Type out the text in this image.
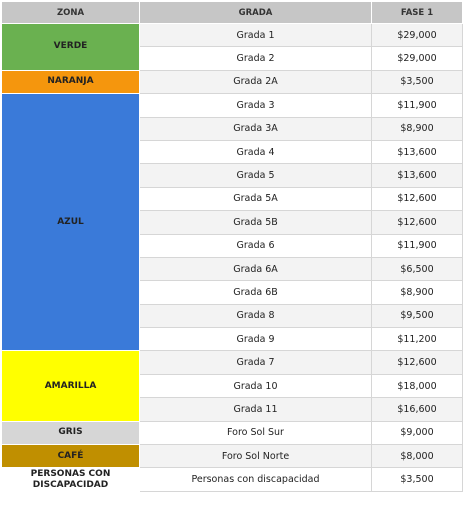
ZONA	GRADA	FASE 1
VERDE	Grada 1	$29,000
	Grada 2	$29,000
NARANJA	Grada 2A	$3,500
AZUL	Grada 3	$11,900
	Grada 3A	$8,900
	Grada 4	$13,600
	Grada 5	$13,600
	Grada 5A	$12,600
	Grada 5B	$12,600
	Grada 6	$11,900
	Grada 6A	$6,500
	Grada 6B	$8,900
	Grada 8	$9,500
	Grada 9	$11,200
AMARILLA	Grada 7	$12,600
	Grada 10	$18,000
	Grada 11	$16,600
GRIS	Foro Sol Sur	$9,000
CAFÉ	Foro Sol Norte	$8,000
PERSONAS CON DISCAPACIDAD	Personas con discapacidad	$3,500
